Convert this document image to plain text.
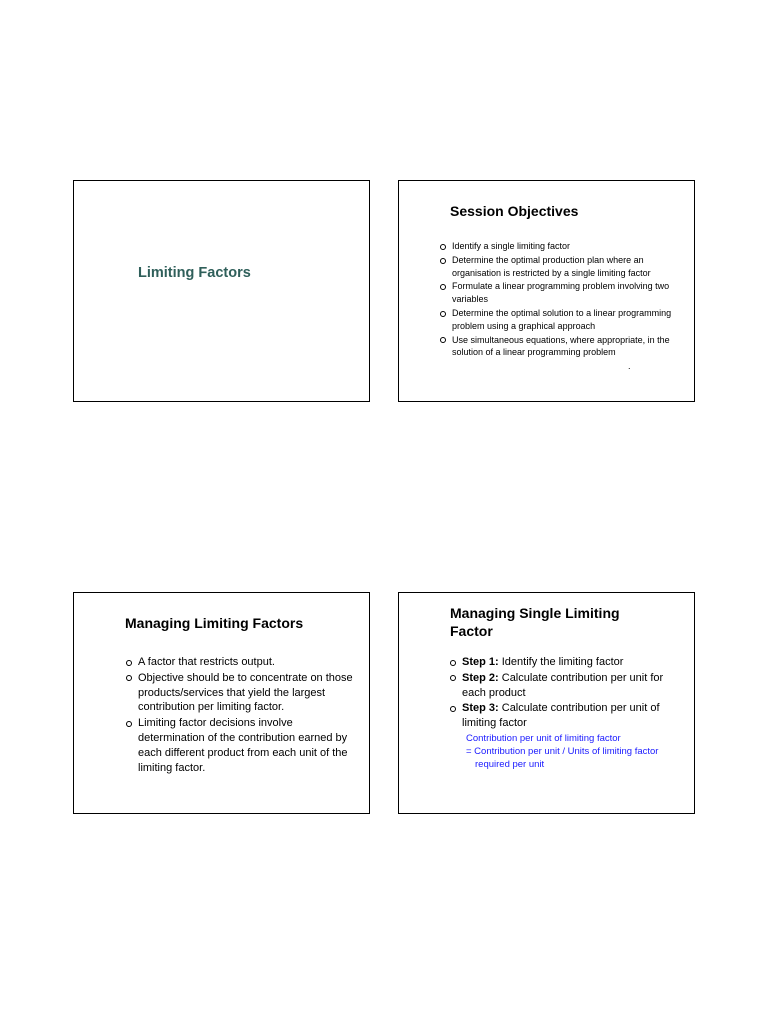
Limiting Factors
Session Objectives
Identify a single limiting factor
Determine the optimal production plan where an organisation is restricted by a single limiting factor
Formulate a linear programming problem involving two variables
Determine the optimal solution to a linear programming problem using a graphical approach
Use simultaneous equations, where appropriate, in the solution of a linear programming problem
.
Managing Limiting Factors
A factor that restricts output.
Objective should be to concentrate on those products/services that yield the largest contribution per limiting factor.
Limiting factor decisions involve determination of the contribution earned by each different product from each unit of the limiting factor.
Managing Single Limiting Factor
Step 1: Identify the limiting factor
Step 2: Calculate contribution per unit for each product
Step 3: Calculate contribution per unit of limiting factor
Contribution per unit of limiting factor
= Contribution per unit / Units of limiting factor
required per unit
